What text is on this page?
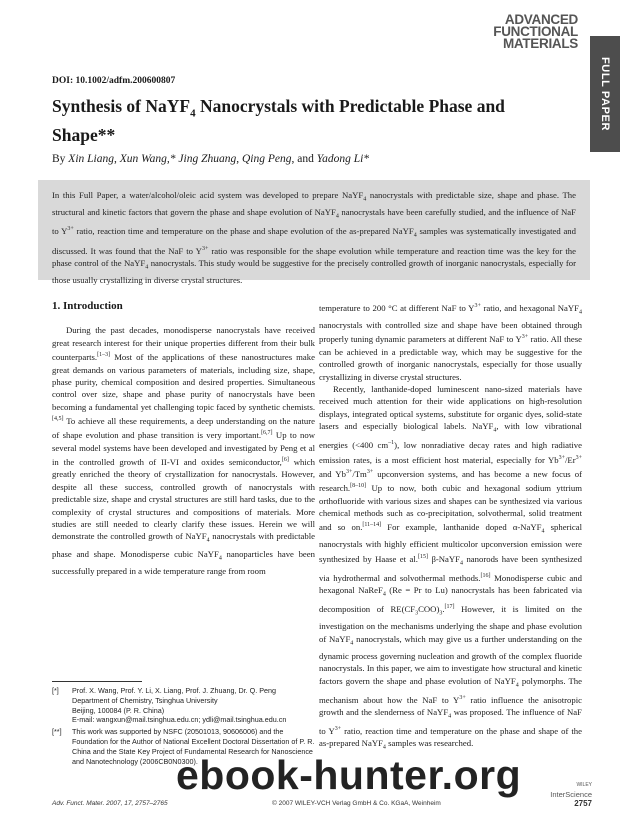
ADVANCED
FUNCTIONAL
MATERIALS
FULL PAPER
DOI: 10.1002/adfm.200600807
Synthesis of NaYF$_4$ Nanocrystals with Predictable Phase and Shape**
By Xin Liang, Xun Wang,* Jing Zhuang, Qing Peng, and Yadong Li*
In this Full Paper, a water/alcohol/oleic acid system was developed to prepare NaYF$_4$ nanocrystals with predictable size, shape and phase. The structural and kinetic factors that govern the phase and shape evolution of NaYF$_4$ nanocrystals have been carefully studied, and the influence of NaF to $Y^{3+}$ ratio, reaction time and temperature on the phase and shape evolution of the as-prepared NaYF$_4$ samples was systematically investigated and discussed. It was found that the NaF to $Y^{3+}$ ratio was responsible for the shape evolution while temperature and reaction time was the key for the phase control of the NaYF$_4$ nanocrystals. This study would be suggestive for the precisely controlled growth of inorganic nanocrystals, especially for those usually crystallizing in diverse crystal structures.
1. Introduction

During the past decades, monodisperse nanocrystals have received great research interest for their unique properties different from their bulk counterparts.[1–3] Most of the applications of these nanostructures make great demands on various parameters of materials, including size, shape, phase purity, chemical composition and desired properties. Simultaneous control over size, shape and phase purity of nanocrystals have been becoming a fundamental yet challenging topic faced by synthetic chemists.[4,5] To achieve all these requirements, a deep understanding on the nature of shape evolution and phase transition is very important.[6,7] Up to now several model systems have been developed and investigated by Peng et al in the controlled growth of II-VI and oxides semiconductor,[6] which greatly enriched the theory of crystallization for nanocrystals. However, despite all these success, controlled growth of nanocrystals with predictable size, shape and crystal structures are still hard tasks, due to the complexity of crystal structures and compositions of materials. More studies are still needed to clearly clarify these issues. Herein we will demonstrate the controlled growth of NaYF$_4$ nanocrystals with predictable phase and shape. Monodisperse cubic NaYF$_4$ nanoparticles have been successfully prepared in a wide temperature range from room

temperature to 200 °C at different NaF to $Y^{3+}$ ratio, and hexagonal NaYF$_4$ nanocrystals with controlled size and shape have been obtained through properly tuning dynamic parameters at different NaF to $Y^{3+}$ ratio. All these can be achieved in a predictable way, which may be suggestive for the controlled growth of inorganic nanocrystals, especially for those usually crystallizing in diverse crystal structures.

Recently, lanthanide-doped luminescent nano-sized materials have received much attention for their wide applications on high-resolution displays, integrated optical systems, substitute for organic dyes, solid-state lasers and especially biological labels. NaYF$_4$, with low vibrational energies (<400 $cm^{-1}$), low nonradiative decay rates and high radiative emission rates, is a most efficient host material, especially for $Yb^{3+}/Er^{3+}$ and $Yb^{3+}/Tm^{3+}$ upconversion systems, and has become a new focus of research.[8–10] Up to now, both cubic and hexagonal sodium yttrium orthofluoride with various sizes and shapes can be synthesized via various chemical methods such as co-precipitation, solvothermal, solid treatment and so on.[11–14] For example, lanthanide doped α-NaYF$_4$ spherical nanocrystals with highly efficient multicolor upconversion emission were synthesized by Haase et al.[15] β-NaYF$_4$ nanorods have been synthesized via hydrothermal and solvothermal methods.[16] Monodisperse cubic and hexagonal NaReF$_4$ (Re = Pr to Lu) nanocrystals has been fabricated via decomposition of $RE(CF_3COO)_3.[17]$ However, it is limited on the investigation on the mechanisms underlying the shape and phase evolution of NaYF$_4$ nanocrystals, which may give us a further understanding on the dynamic process governing nucleation and growth of the complex fluoride nanocrystals. In this paper, we aim to investigate how structural and kinetic factors govern the shape and phase evolution of NaYF$_4$ polymorphs. The mechanism about how the NaF to $Y^{3+}$ ratio influence the anisotropic growth and the slenderness of NaYF$_4$ was proposed. The influence of NaF to $Y^{3+}$ ratio, reaction time and temperature on the phase and shape of the as-prepared NaYF$_4$ samples was researched.

[*]	Prof. X. Wang, Prof. Y. Li, X. Liang, Prof. J. Zhuang, Dr. Q. Peng
Department of Chemistry, Tsinghua University
Beijing, 100084 (P. R. China)
E-mail: wangxun@mail.tsinghua.edu.cn; ydli@mail.tsinghua.edu.cn
[**]	This work was supported by NSFC (20501013, 90606006) and the Foundation for the Author of National Excellent Doctoral Dissertation of P. R. China and the State Key Project of Fundamental Research for Nanoscience and Nanotechnology (2006CB0N0300).
WILEY
InterScience
Adv. Funct. Mater. 2007, 17, 2757–2765	© 2007 WILEY-VCH Verlag GmbH & Co. KGaA, Weinheim	2757
ebook-hunter.org
